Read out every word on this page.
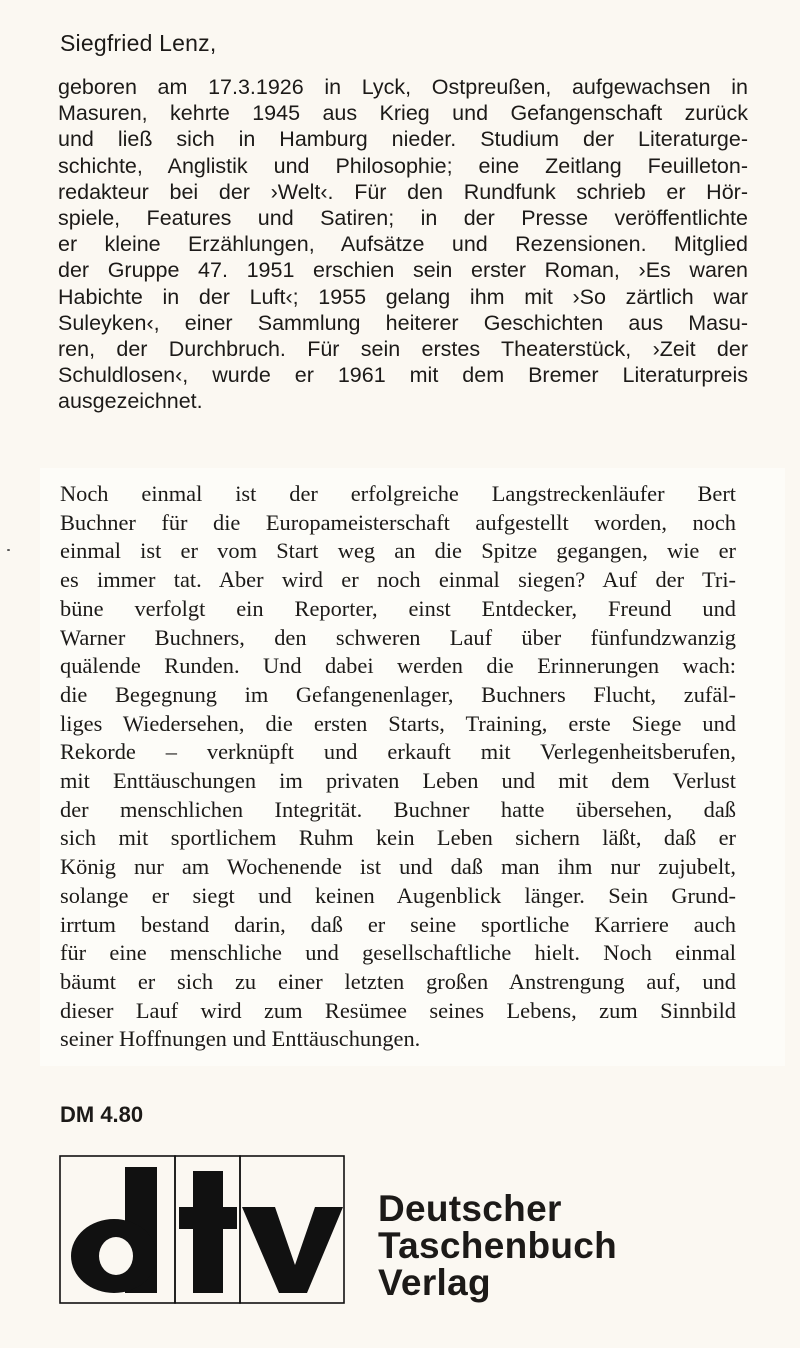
Siegfried Lenz,
geboren am 17.3.1926 in Lyck, Ostpreußen, aufgewachsen in
Masuren, kehrte 1945 aus Krieg und Gefangenschaft zurück
und ließ sich in Hamburg nieder. Studium der Literaturge-
schichte, Anglistik und Philosophie; eine Zeitlang Feuilleton-
redakteur bei der ›Welt‹. Für den Rundfunk schrieb er Hör-
spiele, Features und Satiren; in der Presse veröffentlichte
er kleine Erzählungen, Aufsätze und Rezensionen. Mitglied
der Gruppe 47. 1951 erschien sein erster Roman, ›Es waren
Habichte in der Luft‹; 1955 gelang ihm mit ›So zärtlich war
Suleyken‹, einer Sammlung heiterer Geschichten aus Masu-
ren, der Durchbruch. Für sein erstes Theaterstück, ›Zeit der
Schuldlosen‹, wurde er 1961 mit dem Bremer Literaturpreis
ausgezeichnet.
Noch einmal ist der erfolgreiche Langstreckenläufer Bert
Buchner für die Europameisterschaft aufgestellt worden, noch
einmal ist er vom Start weg an die Spitze gegangen, wie er
es immer tat. Aber wird er noch einmal siegen? Auf der Tri-
büne verfolgt ein Reporter, einst Entdecker, Freund und
Warner Buchners, den schweren Lauf über fünfundzwanzig
quälende Runden. Und dabei werden die Erinnerungen wach:
die Begegnung im Gefangenenlager, Buchners Flucht, zufäl-
liges Wiedersehen, die ersten Starts, Training, erste Siege und
Rekorde – verknüpft und erkauft mit Verlegenheitsberufen,
mit Enttäuschungen im privaten Leben und mit dem Verlust
der menschlichen Integrität. Buchner hatte übersehen, daß
sich mit sportlichem Ruhm kein Leben sichern läßt, daß er
König nur am Wochenende ist und daß man ihm nur zujubelt,
solange er siegt und keinen Augenblick länger. Sein Grund-
irrtum bestand darin, daß er seine sportliche Karriere auch
für eine menschliche und gesellschaftliche hielt. Noch einmal
bäumt er sich zu einer letzten großen Anstrengung auf, und
dieser Lauf wird zum Resümee seines Lebens, zum Sinnbild
seiner Hoffnungen und Enttäuschungen.
DM 4.80
Deutscher
Taschenbuch
Verlag
